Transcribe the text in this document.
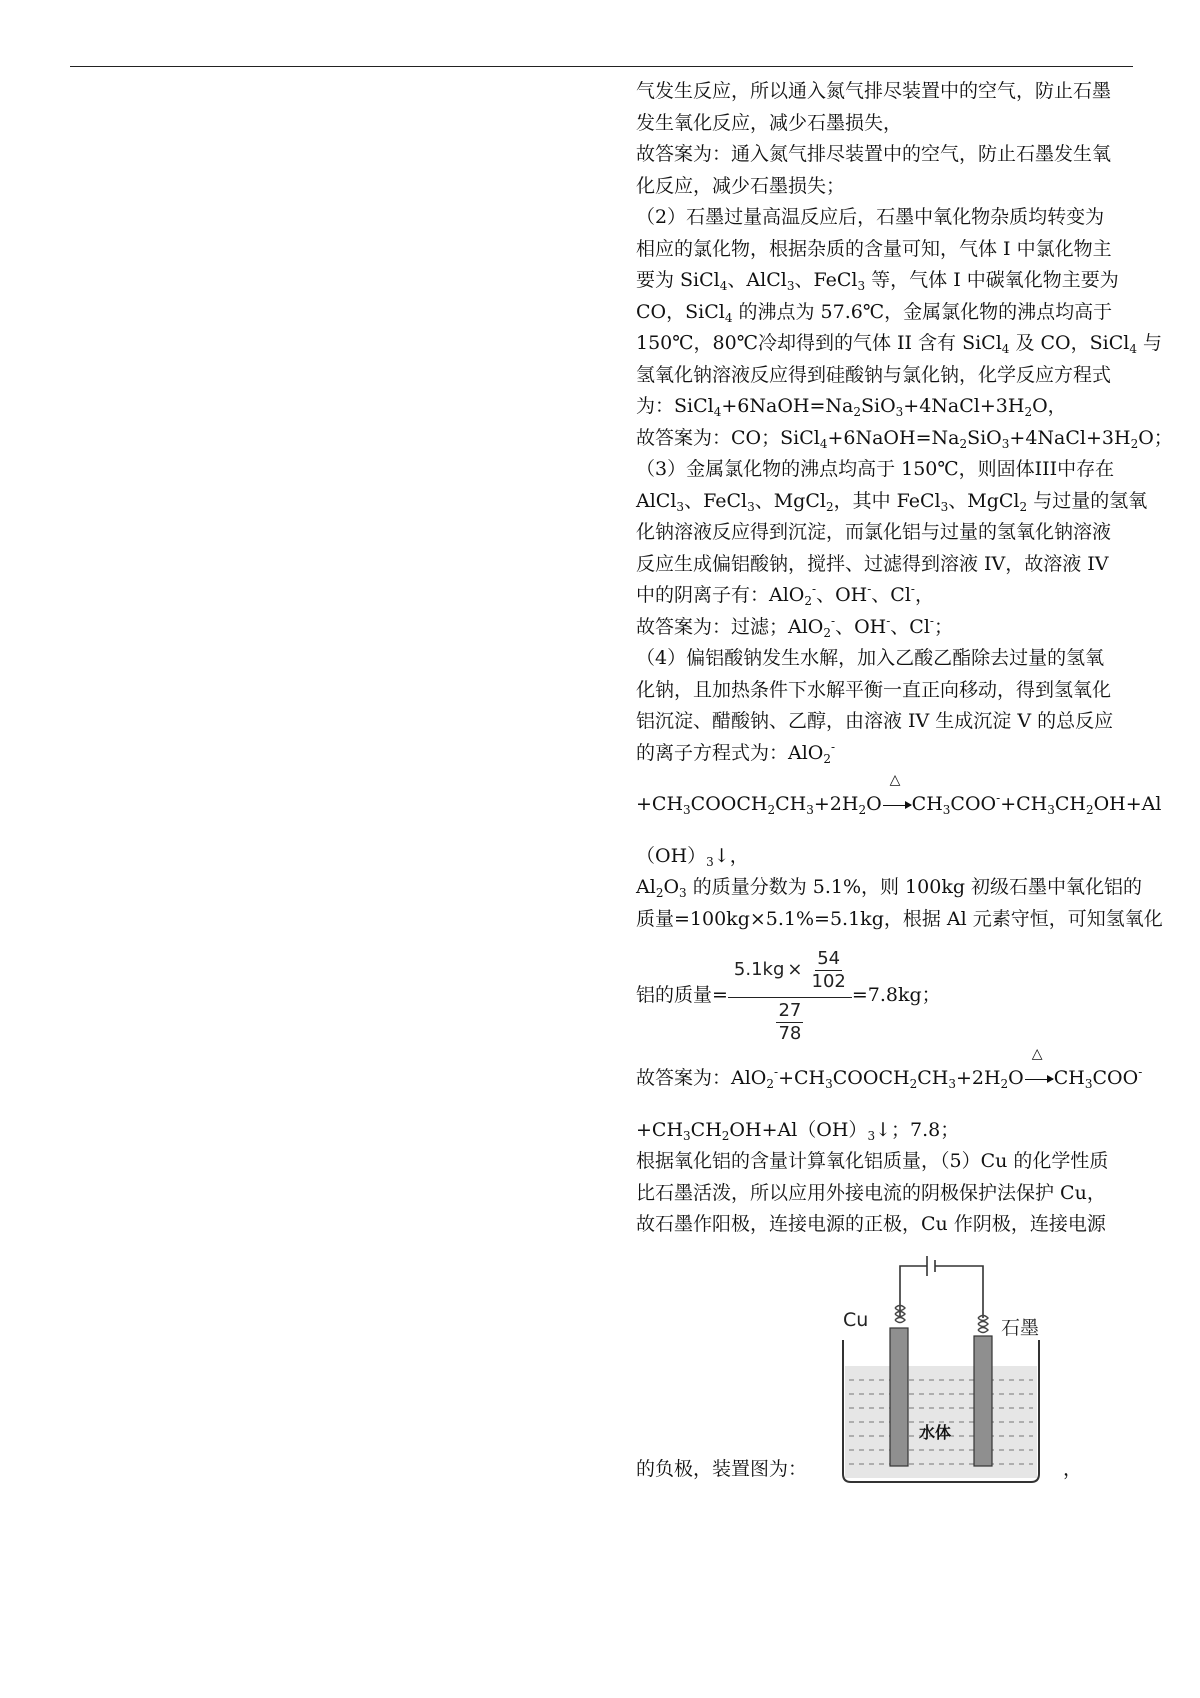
气发生反应，所以通入氮气排尽装置中的空气，防止石墨
发生氧化反应，减少石墨损失，
故答案为：通入氮气排尽装置中的空气，防止石墨发生氧
化反应，减少石墨损失；
（2）石墨过量高温反应后，石墨中氧化物杂质均转变为
相应的氯化物，根据杂质的含量可知，气体 I 中氯化物主
要为 SiCl$_4$、AlCl$_3$、FeCl$_3$ 等，气体 I 中碳氧化物主要为
CO，SiCl$_4$ 的沸点为 57.6℃，金属氯化物的沸点均高于
150℃，80℃冷却得到的气体 II 含有 SiCl$_4$ 及 CO，SiCl$_4$ 与
氢氧化钠溶液反应得到硅酸钠与氯化钠，化学反应方程式
为：$SiCl_4+6NaOH=Na_2SiO_3+4NaCl+3H_2O$，
故答案为：CO；$SiCl_4+6NaOH=Na_2SiO_3+4NaCl+3H_2O$；
（3）金属氯化物的沸点均高于 150℃，则固体III中存在
AlCl$_3$、FeCl$_3$、MgCl$_2$，其中 FeCl$_3$、MgCl$_2$ 与过量的氢氧
化钠溶液反应得到沉淀，而氯化铝与过量的氢氧化钠溶液
反应生成偏铝酸钠，搅拌、过滤得到溶液 IV，故溶液 IV
中的阴离子有：AlO$_2$-、OH-、Cl-，
故答案为：过滤；AlO$_2$-、OH-、Cl-；
（4）偏铝酸钠发生水解，加入乙酸乙酯除去过量的氢氧
化钠，且加热条件下水解平衡一直正向移动，得到氢氧化
铝沉淀、醋酸钠、乙醇，由溶液 IV 生成沉淀 V 的总反应
的离子方程式为：AlO$_2$-
$+CH_3COOCH_2CH_3+2H_2O$
△
$CH_3COO^-+CH_3CH_2OH+Al$
$(OH)_3↓$，
$Al_2O_3$ 的质量分数为 5.1%，则 100kg 初级石墨中氧化铝的
质量=100kg×5.1%=5.1kg，根据 Al 元素守恒，可知氢氧化
铝的质量= $\frac{5.1kg \times \frac{54}{102}}{\frac{27}{78}} =7.8kg$；
故答案为：$AlO_2^-+CH_3COOCH_2CH_3+2H_2O$
△
$CH_3COO^-$
$+CH_3CH_2OH+Al(OH)_3↓$；7.8；
根据氧化铝的含量计算氧化铝质量，（5）Cu 的化学性质
比石墨活泼，所以应用外接电流的阴极保护法保护 Cu，
故石墨作阳极，连接电源的正极，Cu 作阴极，连接电源
的负极，装置图为：
Cu	石墨
水体
，
